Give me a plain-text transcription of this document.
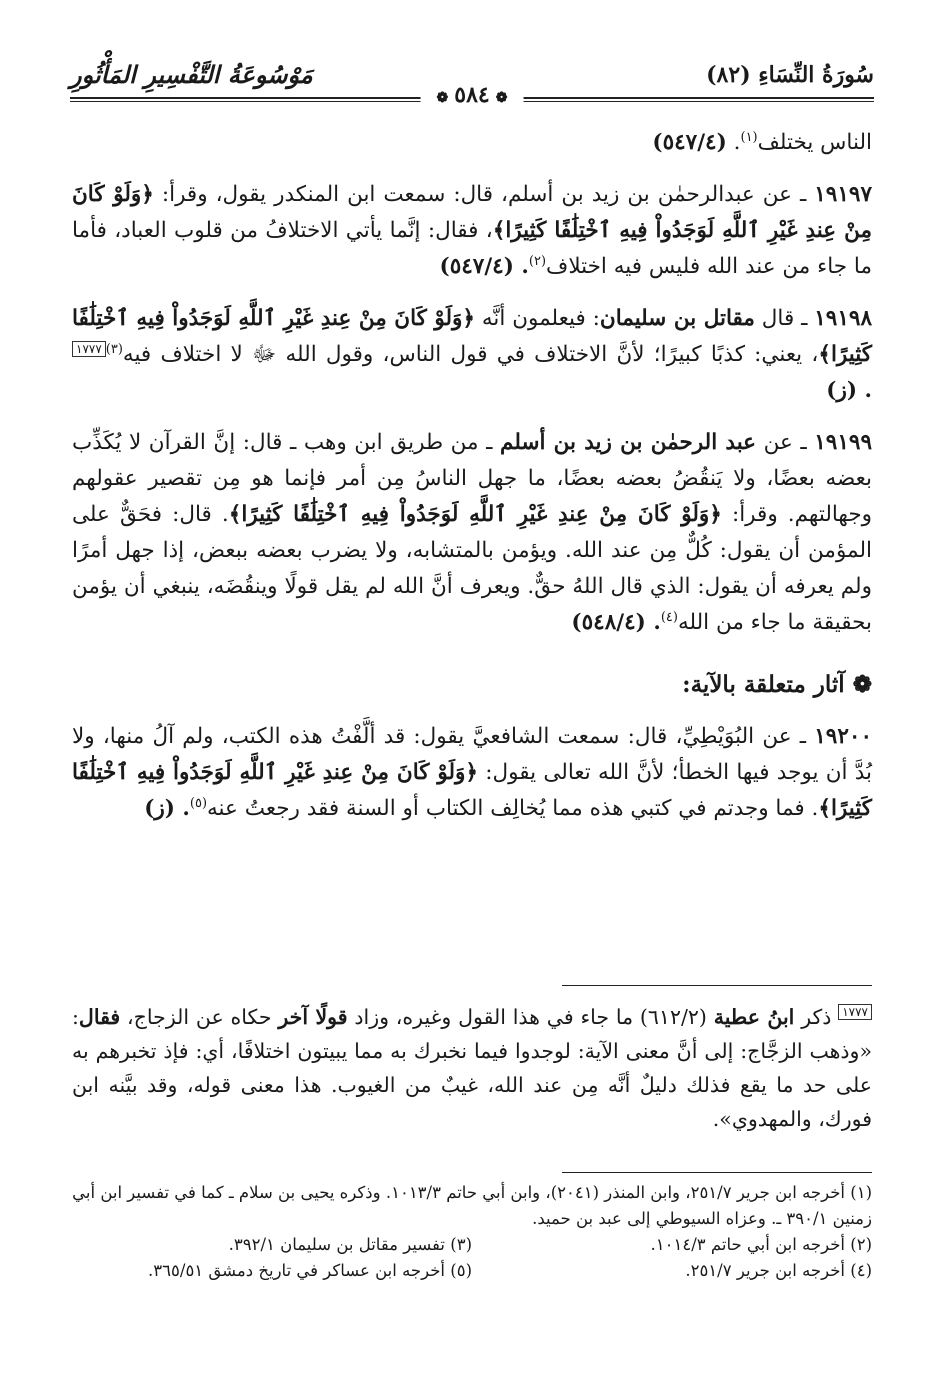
سُورَةُ النِّسَاءِ (٨٢)
مَوْسُوعَةُ التَّفْسِيرِ المَأْثُورِ
❁٥٨٤❁

الناس يختلف$^{(١)}$. (٥٤٧/٤)

١٩١٩٧ ـ عن عبدالرحمٰن بن زيد بن أسلم، قال: سمعت ابن المنكدر يقول، وقرأ: ﴿وَلَوْ كَانَ مِنْ عِندِ غَيْرِ ٱللَّهِ لَوَجَدُواْ فِيهِ ٱخْتِلَٰفًا كَثِيرًا﴾، فقال: إنَّما يأتي الاختلافُ من قلوب العباد، فأما ما جاء من عند الله فليس فيه اختلاف$^{(٢)}$. (٥٤٧/٤)

١٩١٩٨ ـ قال مقاتل بن سليمان: فيعلمون أنَّه ﴿وَلَوْ كَانَ مِنْ عِندِ غَيْرِ ٱللَّهِ لَوَجَدُواْ فِيهِ ٱخْتِلَٰفًا كَثِيرًا﴾، يعني: كذبًا كبيرًا؛ لأنَّ الاختلاف في قول الناس، وقول الله ﷻ لا اختلاف فيه$^{(٣)}$١٧٧٧. (ز)

١٩١٩٩ ـ عن عبد الرحمٰن بن زيد بن أسلم ـ من طريق ابن وهب ـ قال: إنَّ القرآن لا يُكَذِّب بعضه بعضًا، ولا يَنقُضُ بعضه بعضًا، ما جهل الناسُ مِن أمر فإنما هو مِن تقصير عقولهم وجهالتهم. وقرأ: ﴿وَلَوْ كَانَ مِنْ عِندِ غَيْرِ ٱللَّهِ لَوَجَدُواْ فِيهِ ٱخْتِلَٰفًا كَثِيرًا﴾. قال: فحَقٌّ على المؤمن أن يقول: كُلٌّ مِن عند الله. ويؤمن بالمتشابه، ولا يضرب بعضه ببعض، إذا جهل أمرًا ولم يعرفه أن يقول: الذي قال اللهُ حقٌّ. ويعرف أنَّ الله لم يقل قولًا وينقُضَه، ينبغي أن يؤمن بحقيقة ما جاء من الله$^{(٤)}$. (٥٤٨/٤)

❁ آثار متعلقة بالآية:

١٩٢٠٠ ـ عن البُوَيْطِيِّ، قال: سمعت الشافعيَّ يقول: قد ألَّفْتُ هذه الكتب، ولم آلُ منها، ولا بُدَّ أن يوجد فيها الخطأ؛ لأنَّ الله تعالى يقول: ﴿وَلَوْ كَانَ مِنْ عِندِ غَيْرِ ٱللَّهِ لَوَجَدُواْ فِيهِ ٱخْتِلَٰفًا كَثِيرًا﴾. فما وجدتم في كتبي هذه مما يُخالِف الكتاب أو السنة فقد رجعتُ عنه$^{(٥)}$. (ز)

١٧٧٧ ذكر ابنُ عطية (٦١٢/٢) ما جاء في هذا القول وغيره، وزاد قولًا آخر حكاه عن الزجاج، فقال: «وذهب الزجَّاج: إلى أنَّ معنى الآية: لوجدوا فيما نخبرك به مما يبيتون اختلافًا، أي: فإذ تخبرهم به على حد ما يقع فذلك دليلٌ أنَّه مِن عند الله، غيبٌ من الغيوب. هذا معنى قوله، وقد بيَّنه ابن فورك، والمهدوي».
(١) أخرجه ابن جرير ٢٥١/٧، وابن المنذر (٢٠٤١)، وابن أبي حاتم ١٠١٣/٣. وذكره يحيى بن سلام ـ كما في تفسير ابن أبي زمنين ٣٩٠/١ ـ. وعزاه السيوطي إلى عبد بن حميد.
(٢) أخرجه ابن أبي حاتم ١٠١٤/٣.
(٣) تفسير مقاتل بن سليمان ٣٩٢/١.
(٤) أخرجه ابن جرير ٢٥١/٧.
(٥) أخرجه ابن عساكر في تاريخ دمشق ٣٦٥/٥١.
